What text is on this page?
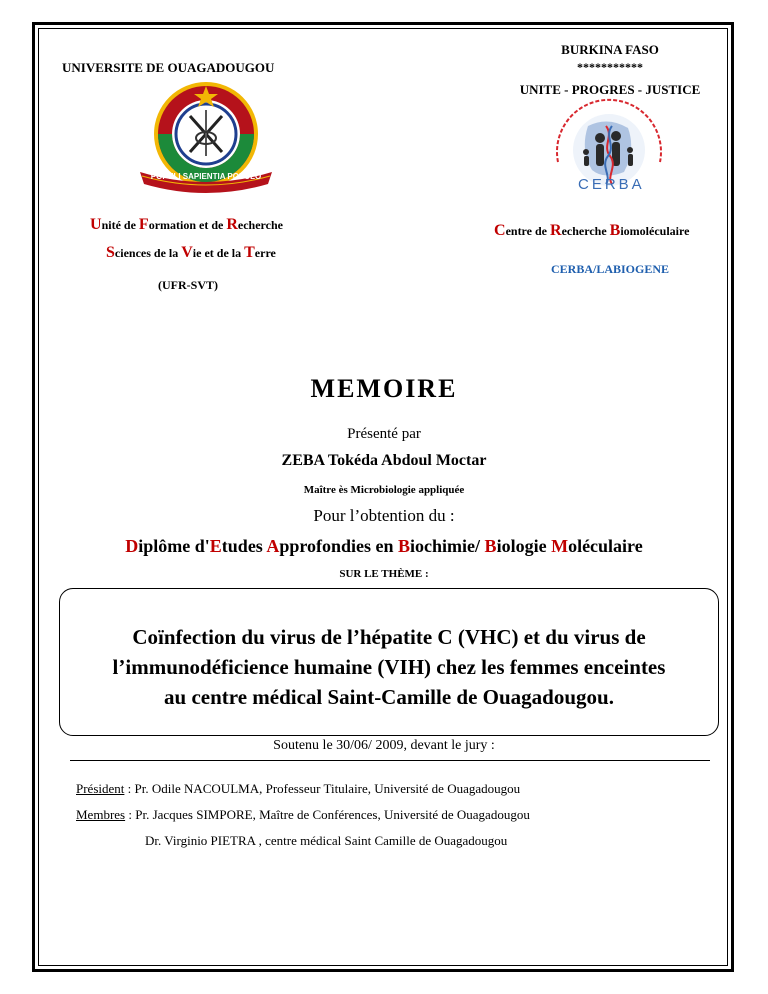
UNIVERSITE DE OUAGADOUGOU
BURKINA FASO
***********
UNITE - PROGRES - JUSTICE
POPULI SAPIENTIA POPULO	CERBA
Unité de Formation et de Recherche
Sciences de la Vie et de la Terre
(UFR-SVT)
Centre de Recherche Biomoléculaire
CERBA/LABIOGENE
MEMOIRE
Présenté par
ZEBA Tokéda Abdoul Moctar
Maître ès Microbiologie appliquée
Pour l’obtention du :
Diplôme d'Etudes Approfondies en Biochimie/ Biologie Moléculaire
SUR LE THÈME :
Coïnfection du virus de l’hépatite C (VHC) et du virus de
l’immunodéficience humaine (VIH) chez les femmes enceintes
au centre médical Saint-Camille de Ouagadougou.
Soutenu le 30/06/ 2009, devant le jury :
Président : Pr. Odile NACOULMA, Professeur Titulaire, Université de Ouagadougou
Membres : Pr. Jacques SIMPORE, Maître de Conférences, Université de Ouagadougou
Dr. Virginio PIETRA , centre médical Saint Camille de Ouagadougou
